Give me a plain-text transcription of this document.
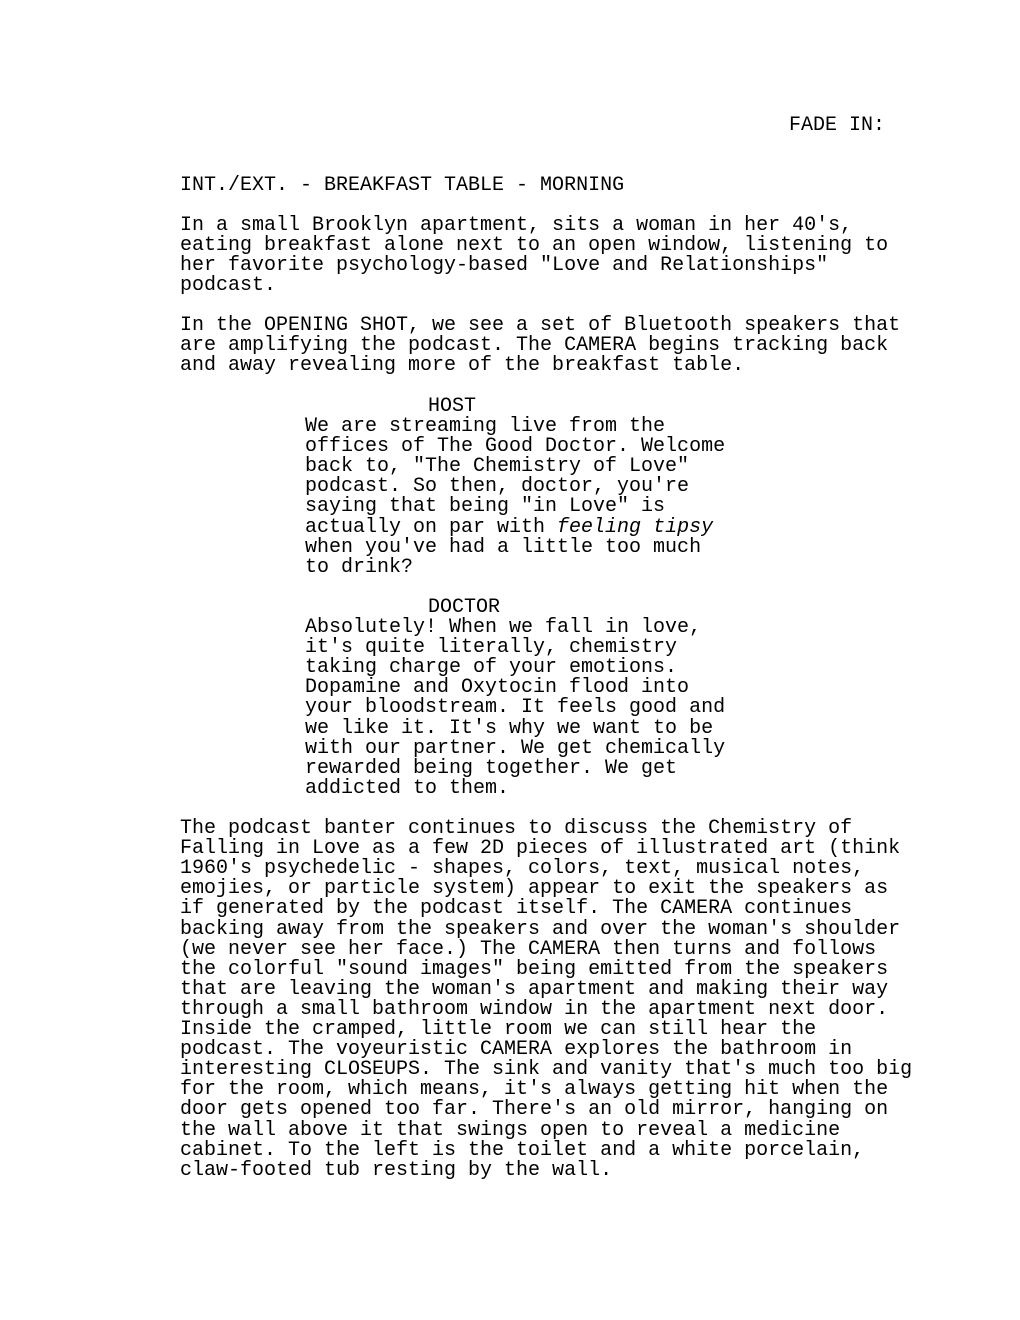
FADE IN:
INT./EXT. - BREAKFAST TABLE - MORNING
In a small Brooklyn apartment, sits a woman in her 40's,
eating breakfast alone next to an open window, listening to
her favorite psychology-based "Love and Relationships"
podcast.
In the OPENING SHOT, we see a set of Bluetooth speakers that
are amplifying the podcast. The CAMERA begins tracking back
and away revealing more of the breakfast table.
HOST
We are streaming live from the
offices of The Good Doctor. Welcome
back to, "The Chemistry of Love"
podcast. So then, doctor, you're
saying that being "in Love" is
actually on par with feeling tipsy
when you've had a little too much
to drink?
DOCTOR
Absolutely! When we fall in love,
it's quite literally, chemistry
taking charge of your emotions.
Dopamine and Oxytocin flood into
your bloodstream. It feels good and
we like it. It's why we want to be
with our partner. We get chemically
rewarded being together. We get
addicted to them.
The podcast banter continues to discuss the Chemistry of
Falling in Love as a few 2D pieces of illustrated art (think
1960's psychedelic - shapes, colors, text, musical notes,
emojies, or particle system) appear to exit the speakers as
if generated by the podcast itself. The CAMERA continues
backing away from the speakers and over the woman's shoulder
(we never see her face.) The CAMERA then turns and follows
the colorful "sound images" being emitted from the speakers
that are leaving the woman's apartment and making their way
through a small bathroom window in the apartment next door.
Inside the cramped, little room we can still hear the
podcast. The voyeuristic CAMERA explores the bathroom in
interesting CLOSEUPS. The sink and vanity that's much too big
for the room, which means, it's always getting hit when the
door gets opened too far. There's an old mirror, hanging on
the wall above it that swings open to reveal a medicine
cabinet. To the left is the toilet and a white porcelain,
claw-footed tub resting by the wall.
